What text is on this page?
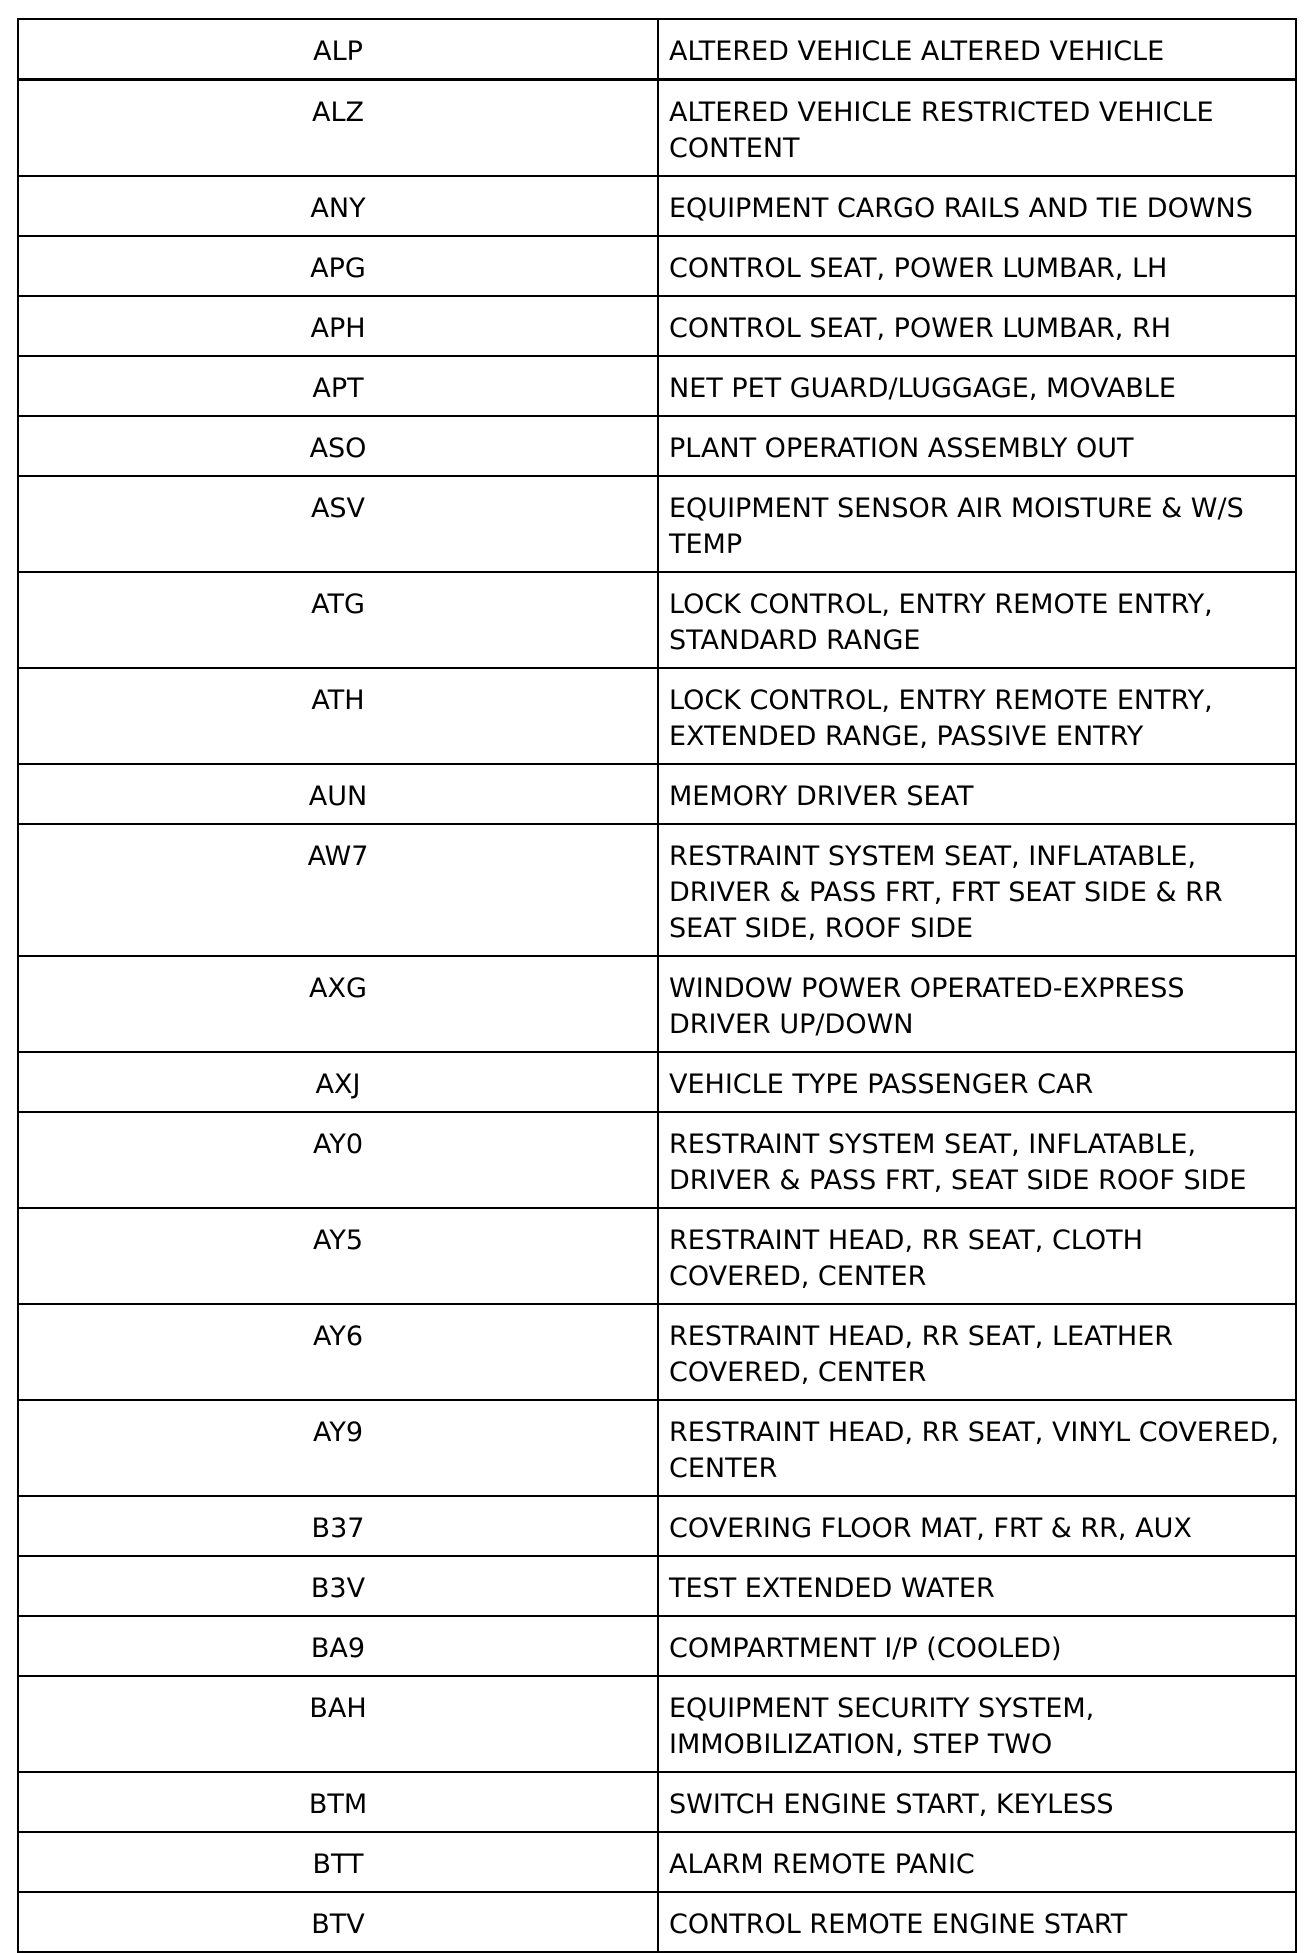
ALP	ALTERED VEHICLE ALTERED VEHICLE
ALZ	ALTERED VEHICLE RESTRICTED VEHICLE CONTENT
ANY	EQUIPMENT CARGO RAILS AND TIE DOWNS
APG	CONTROL SEAT, POWER LUMBAR, LH
APH	CONTROL SEAT, POWER LUMBAR, RH
APT	NET PET GUARD/LUGGAGE, MOVABLE
ASO	PLANT OPERATION ASSEMBLY OUT
ASV	EQUIPMENT SENSOR AIR MOISTURE & W/S TEMP
ATG	LOCK CONTROL, ENTRY REMOTE ENTRY, STANDARD RANGE
ATH	LOCK CONTROL, ENTRY REMOTE ENTRY, EXTENDED RANGE, PASSIVE ENTRY
AUN	MEMORY DRIVER SEAT
AW7	RESTRAINT SYSTEM SEAT, INFLATABLE, DRIVER & PASS FRT, FRT SEAT SIDE & RR SEAT SIDE, ROOF SIDE
AXG	WINDOW POWER OPERATED-EXPRESS DRIVER UP/DOWN
AXJ	VEHICLE TYPE PASSENGER CAR
AY0	RESTRAINT SYSTEM SEAT, INFLATABLE, DRIVER & PASS FRT, SEAT SIDE ROOF SIDE
AY5	RESTRAINT HEAD, RR SEAT, CLOTH COVERED, CENTER
AY6	RESTRAINT HEAD, RR SEAT, LEATHER COVERED, CENTER
AY9	RESTRAINT HEAD, RR SEAT, VINYL COVERED, CENTER
B37	COVERING FLOOR MAT, FRT & RR, AUX
B3V	TEST EXTENDED WATER
BA9	COMPARTMENT I/P (COOLED)
BAH	EQUIPMENT SECURITY SYSTEM, IMMOBILIZATION, STEP TWO
BTM	SWITCH ENGINE START, KEYLESS
BTT	ALARM REMOTE PANIC
BTV	CONTROL REMOTE ENGINE START
